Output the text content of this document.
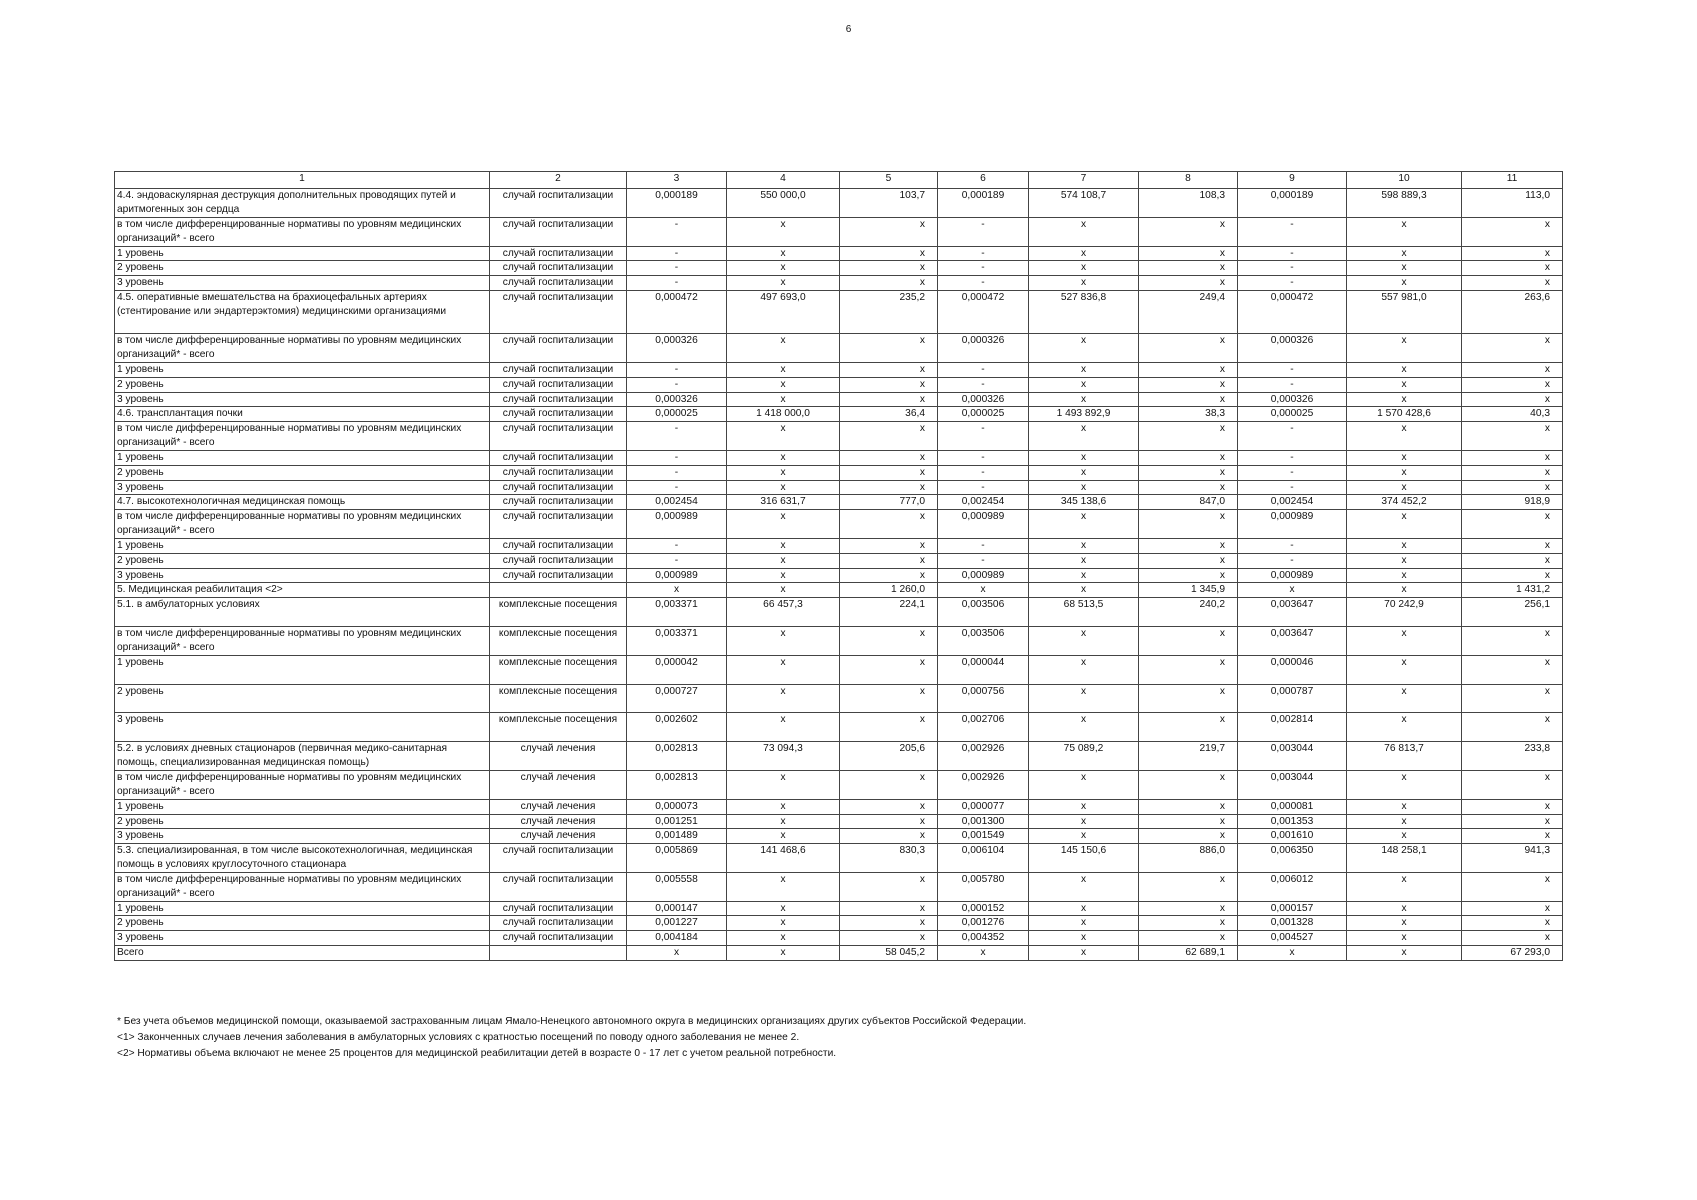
6
1	2	3	4	5	6	7	8	9	10	11
4.4. эндоваскулярная деструкция дополнительных проводящих путей и аритмогенных зон сердца	случай госпитализации	0,000189	550 000,0	103,7	0,000189	574 108,7	108,3	0,000189	598 889,3	113,0
в том числе дифференцированные нормативы по уровням медицинских организаций* - всего	случай госпитализации	-	x	x	-	x	x	-	x	x
1 уровень	случай госпитализации	-	x	x	-	x	x	-	x	x
2 уровень	случай госпитализации	-	x	x	-	x	x	-	x	x
3 уровень	случай госпитализации	-	x	x	-	x	x	-	x	x
4.5. оперативные вмешательства на брахиоцефальных артериях (стентирование или эндартерэктомия) медицинскими организациями	случай госпитализации	0,000472	497 693,0	235,2	0,000472	527 836,8	249,4	0,000472	557 981,0	263,6
в том числе дифференцированные нормативы по уровням медицинских организаций* - всего	случай госпитализации	0,000326	x	x	0,000326	x	x	0,000326	x	x
1 уровень	случай госпитализации	-	x	x	-	x	x	-	x	x
2 уровень	случай госпитализации	-	x	x	-	x	x	-	x	x
3 уровень	случай госпитализации	0,000326	x	x	0,000326	x	x	0,000326	x	x
4.6. трансплантация почки	случай госпитализации	0,000025	1 418 000,0	36,4	0,000025	1 493 892,9	38,3	0,000025	1 570 428,6	40,3
в том числе дифференцированные нормативы по уровням медицинских организаций* - всего	случай госпитализации	-	x	x	-	x	x	-	x	x
1 уровень	случай госпитализации	-	x	x	-	x	x	-	x	x
2 уровень	случай госпитализации	-	x	x	-	x	x	-	x	x
3 уровень	случай госпитализации	-	x	x	-	x	x	-	x	x
4.7. высокотехнологичная медицинская помощь	случай госпитализации	0,002454	316 631,7	777,0	0,002454	345 138,6	847,0	0,002454	374 452,2	918,9
в том числе дифференцированные нормативы по уровням медицинских организаций* - всего	случай госпитализации	0,000989	x	x	0,000989	x	x	0,000989	x	x
1 уровень	случай госпитализации	-	x	x	-	x	x	-	x	x
2 уровень	случай госпитализации	-	x	x	-	x	x	-	x	x
3 уровень	случай госпитализации	0,000989	x	x	0,000989	x	x	0,000989	x	x
5. Медицинская реабилитация <2>		x	x	1 260,0	x	x	1 345,9	x	x	1 431,2
5.1. в амбулаторных условиях	комплексные посещения	0,003371	66 457,3	224,1	0,003506	68 513,5	240,2	0,003647	70 242,9	256,1
в том числе дифференцированные нормативы по уровням медицинских организаций* - всего	комплексные посещения	0,003371	x	x	0,003506	x	x	0,003647	x	x
1 уровень	комплексные посещения	0,000042	x	x	0,000044	x	x	0,000046	x	x
2 уровень	комплексные посещения	0,000727	x	x	0,000756	x	x	0,000787	x	x
3 уровень	комплексные посещения	0,002602	x	x	0,002706	x	x	0,002814	x	x
5.2. в условиях дневных стационаров (первичная медико-санитарная помощь, специализированная медицинская помощь)	случай лечения	0,002813	73 094,3	205,6	0,002926	75 089,2	219,7	0,003044	76 813,7	233,8
в том числе дифференцированные нормативы по уровням медицинских организаций* - всего	случай лечения	0,002813	x	x	0,002926	x	x	0,003044	x	x
1 уровень	случай лечения	0,000073	x	x	0,000077	x	x	0,000081	x	x
2 уровень	случай лечения	0,001251	x	x	0,001300	x	x	0,001353	x	x
3 уровень	случай лечения	0,001489	x	x	0,001549	x	x	0,001610	x	x
5.3. специализированная, в том числе высокотехнологичная, медицинская помощь в условиях круглосуточного стационара	случай госпитализации	0,005869	141 468,6	830,3	0,006104	145 150,6	886,0	0,006350	148 258,1	941,3
в том числе дифференцированные нормативы по уровням медицинских организаций* - всего	случай госпитализации	0,005558	x	x	0,005780	x	x	0,006012	x	x
1 уровень	случай госпитализации	0,000147	x	x	0,000152	x	x	0,000157	x	x
2 уровень	случай госпитализации	0,001227	x	x	0,001276	x	x	0,001328	x	x
3 уровень	случай госпитализации	0,004184	x	x	0,004352	x	x	0,004527	x	x
Всего		x	x	58 045,2	x	x	62 689,1	x	x	67 293,0
* Без учета объемов медицинской помощи, оказываемой застрахованным лицам Ямало-Ненецкого автономного округа в медицинских организациях других субъектов Российской Федерации.
<1> Законченных случаев лечения заболевания в амбулаторных условиях с кратностью посещений по поводу одного заболевания не менее 2.
<2> Нормативы объема включают не менее 25 процентов для медицинской реабилитации детей в возрасте 0 - 17 лет с учетом реальной потребности.
